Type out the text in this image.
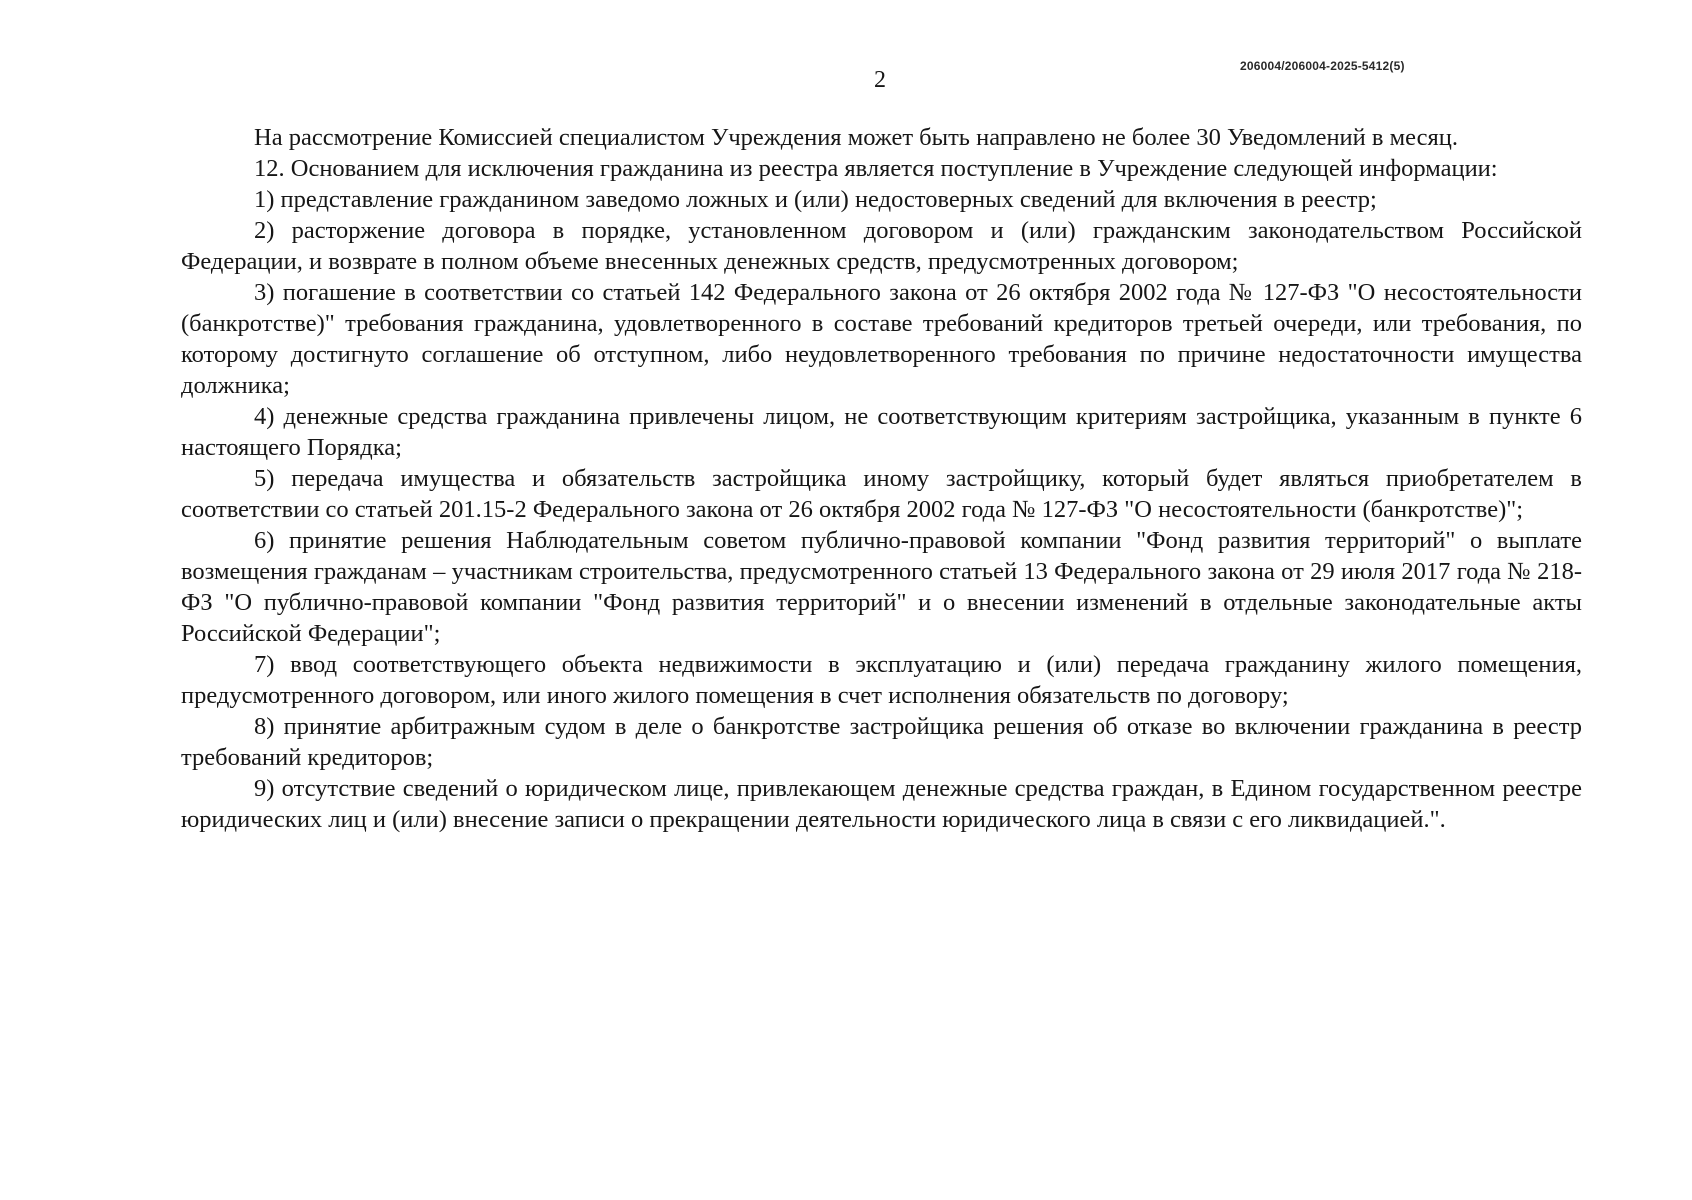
2
206004/206004-2025-5412(5)

На рассмотрение Комиссией специалистом Учреждения может быть направлено не более 30 Уведомлений в месяц.

12. Основанием для исключения гражданина из реестра является поступление в Учреждение следующей информации:

1) представление гражданином заведомо ложных и (или) недостоверных сведений для включения в реестр;

2) расторжение договора в порядке, установленном договором и (или) гражданским законодательством Российской Федерации, и возврате в полном объеме внесенных денежных средств, предусмотренных договором;

3) погашение в соответствии со статьей 142 Федерального закона от 26 октября 2002 года № 127-ФЗ "О несостоятельности (банкротстве)" требования гражданина, удовлетворенного в составе требований кредиторов третьей очереди, или требования, по которому достигнуто соглашение об отступном, либо неудовлетворенного требования по причине недостаточности имущества должника;

4) денежные средства гражданина привлечены лицом, не соответствующим критериям застройщика, указанным в пункте 6 настоящего Порядка;

5) передача имущества и обязательств застройщика иному застройщику, который будет являться приобретателем в соответствии со статьей 201.15-2 Федерального закона от 26 октября 2002 года № 127-ФЗ "О несостоятельности (банкротстве)";

6) принятие решения Наблюдательным советом публично-правовой компании "Фонд развития территорий" о выплате возмещения гражданам – участникам строительства, предусмотренного статьей 13 Федерального закона от 29 июля 2017 года № 218-ФЗ "О публично-правовой компании "Фонд развития территорий" и о внесении изменений в отдельные законодательные акты Российской Федерации";

7) ввод соответствующего объекта недвижимости в эксплуатацию и (или) передача гражданину жилого помещения, предусмотренного договором, или иного жилого помещения в счет исполнения обязательств по договору;

8) принятие арбитражным судом в деле о банкротстве застройщика решения об отказе во включении гражданина в реестр требований кредиторов;

9) отсутствие сведений о юридическом лице, привлекающем денежные средства граждан, в Едином государственном реестре юридических лиц и (или) внесение записи о прекращении деятельности юридического лица в связи с его ликвидацией.".
